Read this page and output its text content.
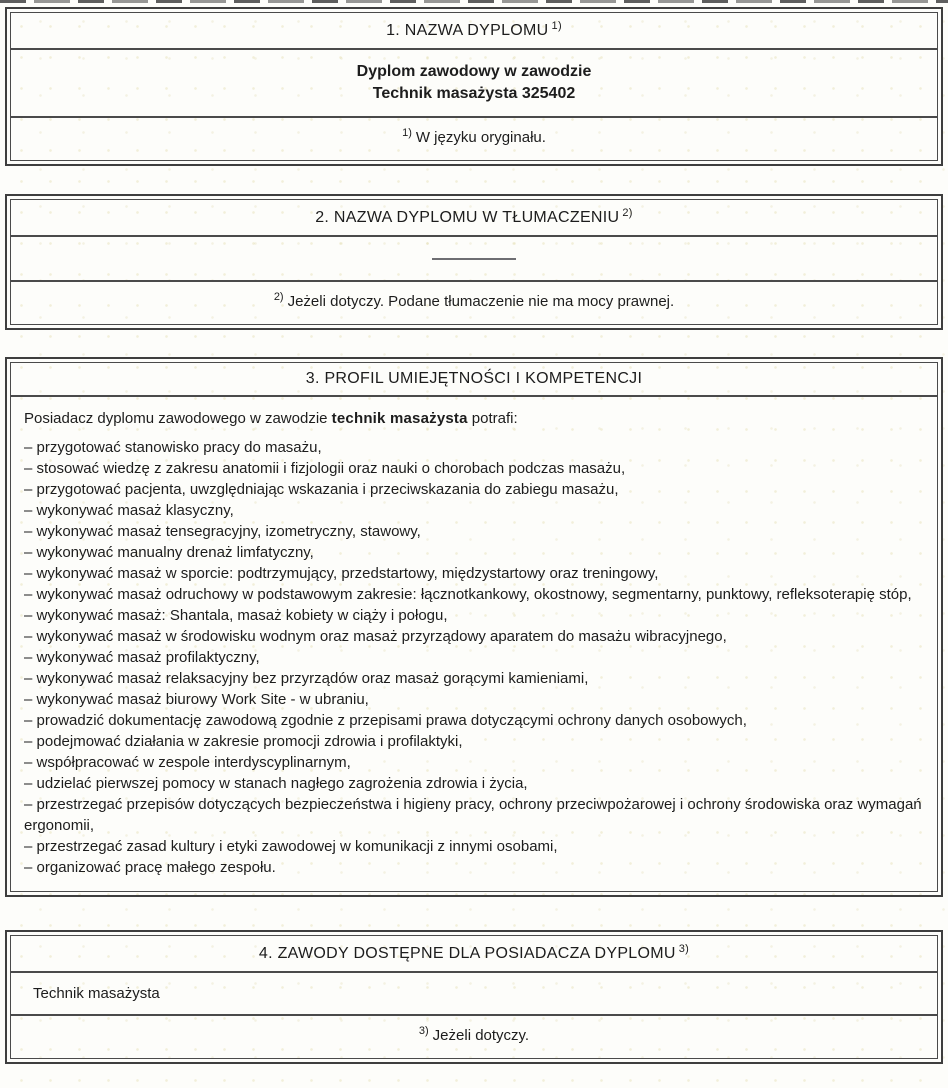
1. NAZWA DYPLOMU $^{1)}$
Dyplom zawodowy w zawodzie
Technik masażysta 325402
$^{1)}$ W języku oryginału.
2. NAZWA DYPLOMU W TŁUMACZENIU $^{2)}$
$^{2)}$ Jeżeli dotyczy. Podane tłumaczenie nie ma mocy prawnej.
3. PROFIL UMIEJĘTNOŚCI I KOMPETENCJI
Posiadacz dyplomu zawodowego w zawodzie technik masażysta potrafi:
– przygotować stanowisko pracy do masażu,
– stosować wiedzę z zakresu anatomii i fizjologii oraz nauki o chorobach podczas masażu,
– przygotować pacjenta, uwzględniając wskazania i przeciwskazania do zabiegu masażu,
– wykonywać masaż klasyczny,
– wykonywać masaż tensegracyjny, izometryczny, stawowy,
– wykonywać manualny drenaż limfatyczny,
– wykonywać masaż w sporcie: podtrzymujący, przedstartowy, międzystartowy oraz treningowy,
– wykonywać masaż odruchowy w podstawowym zakresie: łącznotkankowy, okostnowy, segmentarny, punktowy, refleksoterapię stóp,
– wykonywać masaż: Shantala, masaż kobiety w ciąży i połogu,
– wykonywać masaż w środowisku wodnym oraz masaż przyrządowy aparatem do masażu wibracyjnego,
– wykonywać masaż profilaktyczny,
– wykonywać masaż relaksacyjny bez przyrządów oraz masaż gorącymi kamieniami,
– wykonywać masaż biurowy Work Site - w ubraniu,
– prowadzić dokumentację zawodową zgodnie z przepisami prawa dotyczącymi ochrony danych osobowych,
– podejmować działania w zakresie promocji zdrowia i profilaktyki,
– współpracować w zespole interdyscyplinarnym,
– udzielać pierwszej pomocy w stanach nagłego zagrożenia zdrowia i życia,
– przestrzegać przepisów dotyczących bezpieczeństwa i higieny pracy, ochrony przeciwpożarowej i ochrony środowiska oraz wymagań ergonomii,
– przestrzegać zasad kultury i etyki zawodowej w komunikacji z innymi osobami,
– organizować pracę małego zespołu.
4. ZAWODY DOSTĘPNE DLA POSIADACZA DYPLOMU $^{3)}$
Technik masażysta
$^{3)}$ Jeżeli dotyczy.
